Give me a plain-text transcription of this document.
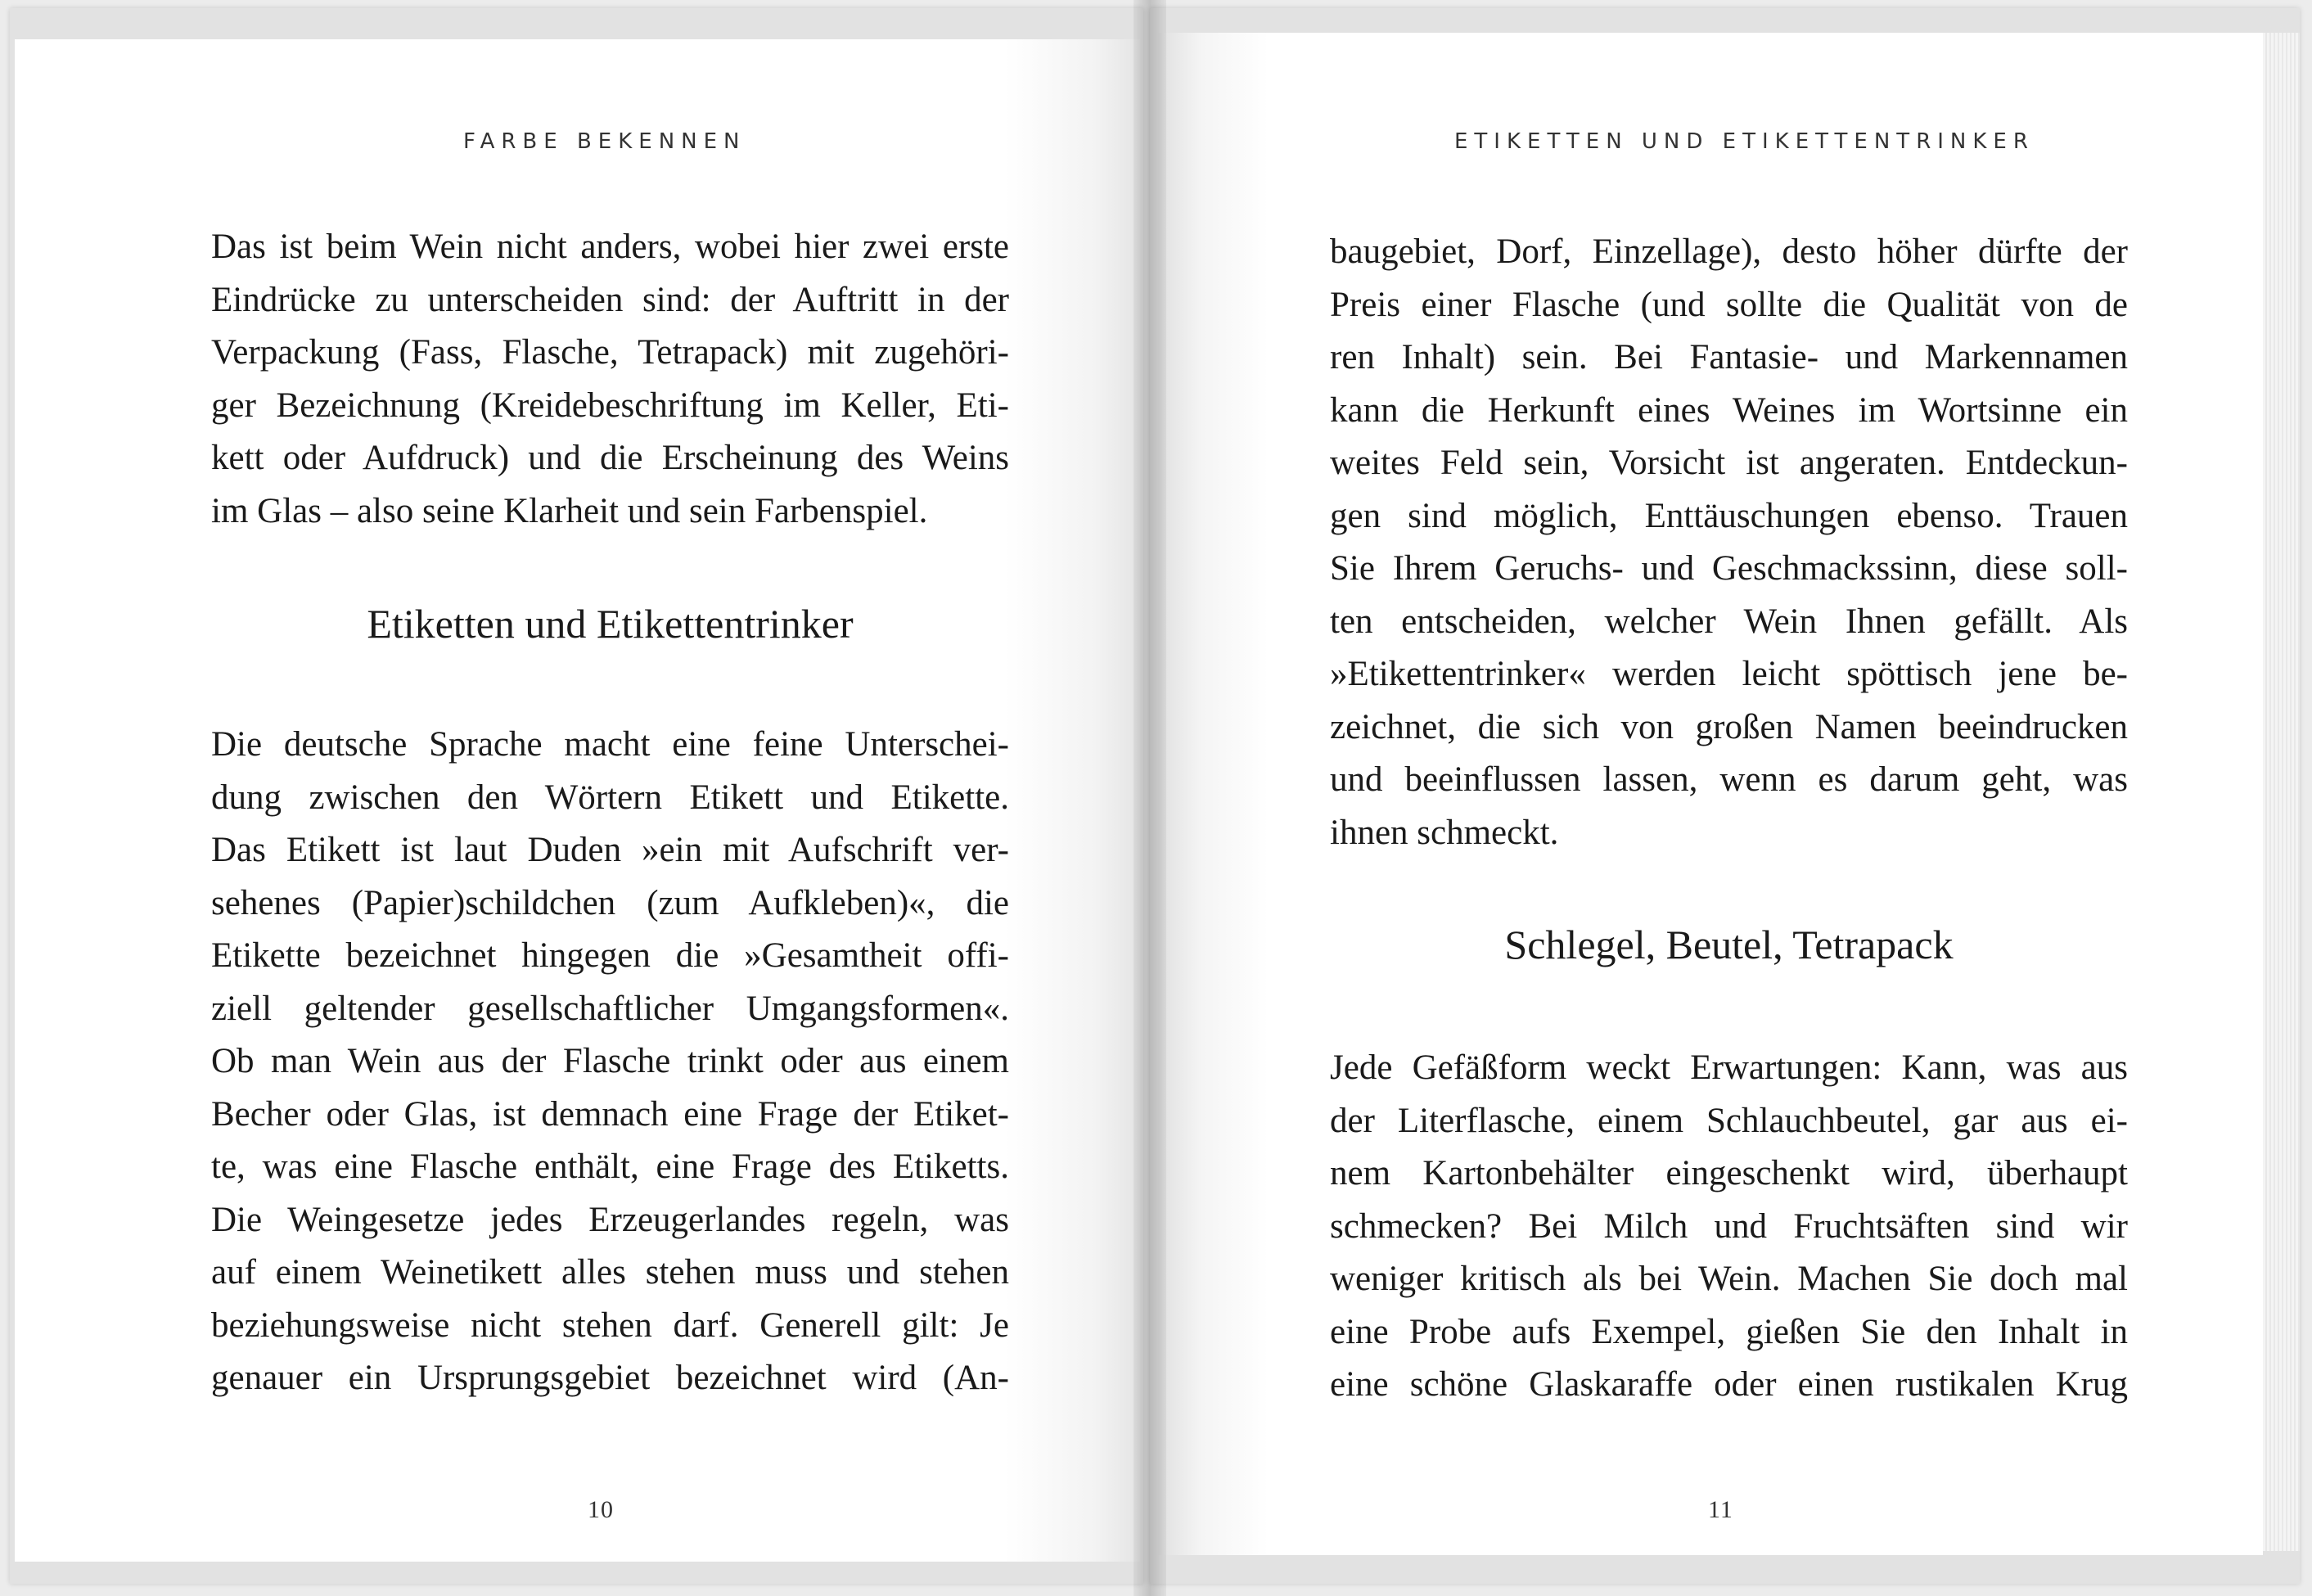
FARBE BEKENNEN
Das ist beim Wein nicht anders, wobei hier zwei erste
Eindrücke zu unterscheiden sind: der Auftritt in der
Verpackung (Fass, Flasche, Tetrapack) mit zugehöri-
ger Bezeichnung (Kreidebeschriftung im Keller, Eti-
kett oder Aufdruck) und die Erscheinung des Weins
im Glas – also seine Klarheit und sein Farbenspiel.
Etiketten und Etikettentrinker
Die deutsche Sprache macht eine feine Unterschei-
dung zwischen den Wörtern Etikett und Etikette.
Das Etikett ist laut Duden »ein mit Aufschrift ver-
sehenes (Papier)schildchen (zum Aufkleben)«, die
Etikette bezeichnet hingegen die »Gesamtheit offi-
ziell geltender gesellschaftlicher Umgangsformen«.
Ob man Wein aus der Flasche trinkt oder aus einem
Becher oder Glas, ist demnach eine Frage der Etiket-
te, was eine Flasche enthält, eine Frage des Etiketts.
Die Weingesetze jedes Erzeugerlandes regeln, was
auf einem Weinetikett alles stehen muss und stehen
beziehungsweise nicht stehen darf. Generell gilt: Je
genauer ein Ursprungsgebiet bezeichnet wird (An-
10
ETIKETTEN UND ETIKETTENTRINKER
baugebiet, Dorf, Einzellage), desto höher dürfte der
Preis einer Flasche (und sollte die Qualität von de
ren Inhalt) sein. Bei Fantasie- und Markennamen
kann die Herkunft eines Weines im Wortsinne ein
weites Feld sein, Vorsicht ist angeraten. Entdeckun-
gen sind möglich, Enttäuschungen ebenso. Trauen
Sie Ihrem Geruchs- und Geschmackssinn, diese soll-
ten entscheiden, welcher Wein Ihnen gefällt. Als
»Etikettentrinker« werden leicht spöttisch jene be-
zeichnet, die sich von großen Namen beeindrucken
und beeinflussen lassen, wenn es darum geht, was
ihnen schmeckt.
Schlegel, Beutel, Tetrapack
Jede Gefäßform weckt Erwartungen: Kann, was aus
der Literflasche, einem Schlauchbeutel, gar aus ei-
nem Kartonbehälter eingeschenkt wird, überhaupt
schmecken? Bei Milch und Fruchtsäften sind wir
weniger kritisch als bei Wein. Machen Sie doch mal
eine Probe aufs Exempel, gießen Sie den Inhalt in
eine schöne Glaskaraffe oder einen rustikalen Krug
11
